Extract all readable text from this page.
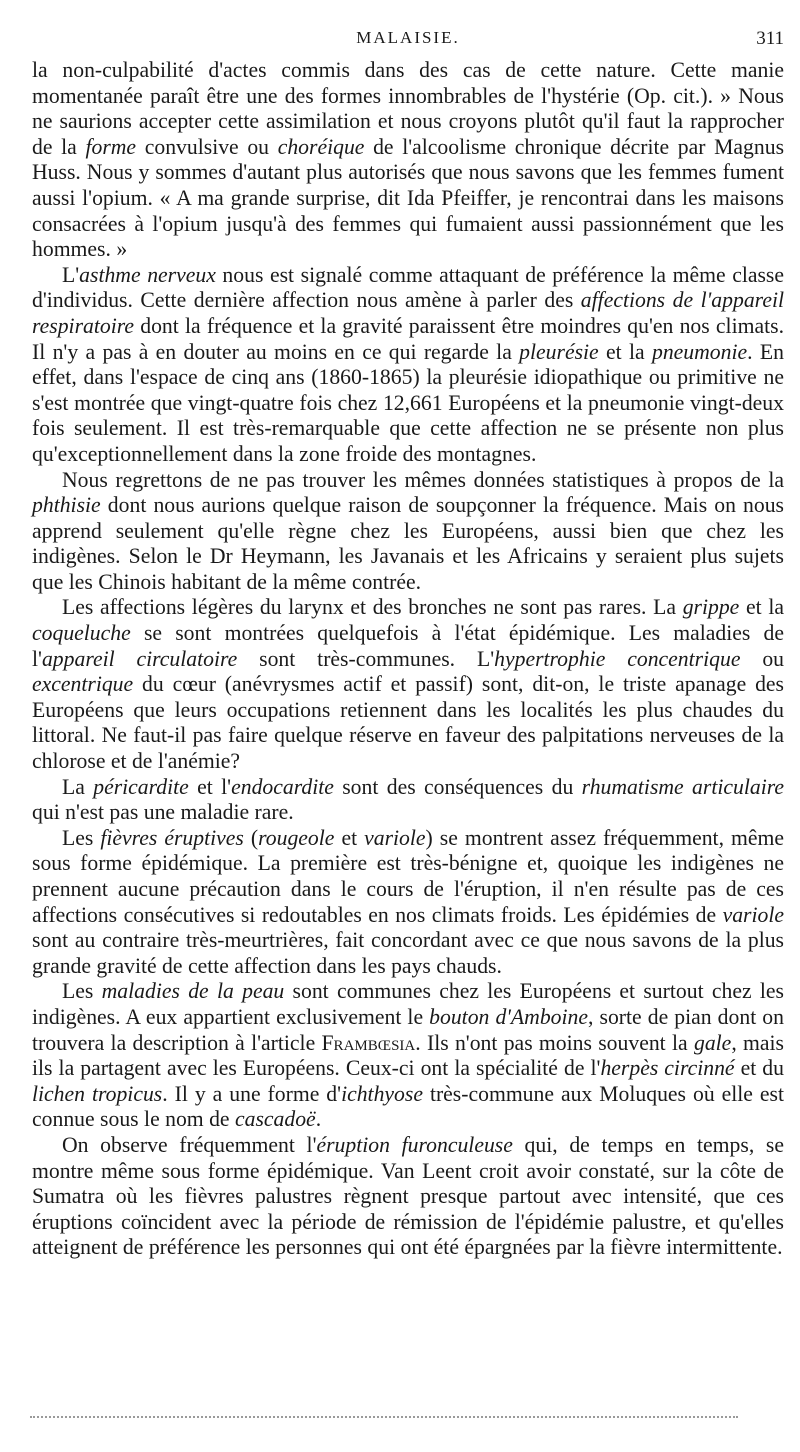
MALAISIE.	311

la non-culpabilité d'actes commis dans des cas de cette nature. Cette manie momentanée paraît être une des formes innombrables de l'hystérie (Op. cit.). » Nous ne saurions accepter cette assimilation et nous croyons plutôt qu'il faut la rapprocher de la forme convulsive ou choréique de l'alcoolisme chronique décrite par Magnus Huss. Nous y sommes d'autant plus autorisés que nous savons que les femmes fument aussi l'opium. « A ma grande surprise, dit Ida Pfeiffer, je rencontrai dans les maisons consacrées à l'opium jusqu'à des femmes qui fumaient aussi passionnément que les hommes. »

L'asthme nerveux nous est signalé comme attaquant de préférence la même classe d'individus. Cette dernière affection nous amène à parler des affections de l'appareil respiratoire dont la fréquence et la gravité paraissent être moindres qu'en nos climats. Il n'y a pas à en douter au moins en ce qui regarde la pleurésie et la pneumonie. En effet, dans l'espace de cinq ans (1860-1865) la pleurésie idiopathique ou primitive ne s'est montrée que vingt-quatre fois chez 12,661 Européens et la pneumonie vingt-deux fois seulement. Il est très-remarquable que cette affection ne se présente non plus qu'exceptionnellement dans la zone froide des montagnes.

Nous regrettons de ne pas trouver les mêmes données statistiques à propos de la phthisie dont nous aurions quelque raison de soupçonner la fréquence. Mais on nous apprend seulement qu'elle règne chez les Européens, aussi bien que chez les indigènes. Selon le Dr Heymann, les Javanais et les Africains y seraient plus sujets que les Chinois habitant de la même contrée.

Les affections légères du larynx et des bronches ne sont pas rares. La grippe et la coqueluche se sont montrées quelquefois à l'état épidémique. Les maladies de l'appareil circulatoire sont très-communes. L'hypertrophie concentrique ou excentrique du cœur (anévrysmes actif et passif) sont, dit-on, le triste apanage des Européens que leurs occupations retiennent dans les localités les plus chaudes du littoral. Ne faut-il pas faire quelque réserve en faveur des palpitations nerveuses de la chlorose et de l'anémie?

La péricardite et l'endocardite sont des conséquences du rhumatisme articulaire qui n'est pas une maladie rare.

Les fièvres éruptives (rougeole et variole) se montrent assez fréquemment, même sous forme épidémique. La première est très-bénigne et, quoique les indigènes ne prennent aucune précaution dans le cours de l'éruption, il n'en résulte pas de ces affections consécutives si redoutables en nos climats froids. Les épidémies de variole sont au contraire très-meurtrières, fait concordant avec ce que nous savons de la plus grande gravité de cette affection dans les pays chauds.

Les maladies de la peau sont communes chez les Européens et surtout chez les indigènes. A eux appartient exclusivement le bouton d'Amboine, sorte de pian dont on trouvera la description à l'article Frambœsia. Ils n'ont pas moins souvent la gale, mais ils la partagent avec les Européens. Ceux-ci ont la spécialité de l'herpès circinné et du lichen tropicus. Il y a une forme d'ichthyose très-commune aux Moluques où elle est connue sous le nom de cascadoë.

On observe fréquemment l'éruption furonculeuse qui, de temps en temps, se montre même sous forme épidémique. Van Leent croit avoir constaté, sur la côte de Sumatra où les fièvres palustres règnent presque partout avec intensité, que ces éruptions coïncident avec la période de rémission de l'épidémie palustre, et qu'elles atteignent de préférence les personnes qui ont été épargnées par la fièvre intermittente.
